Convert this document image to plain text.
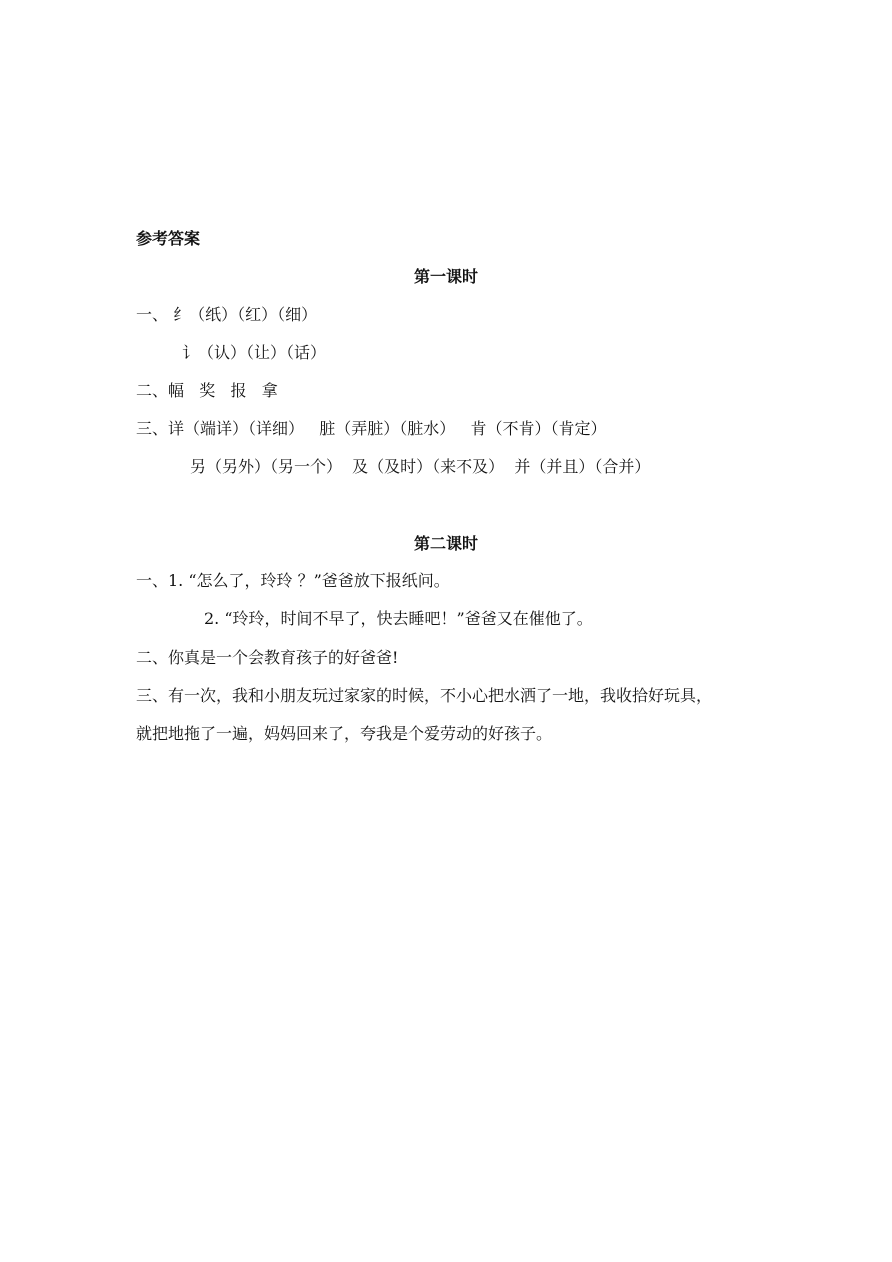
参考答案

第一课时

一、 纟（纸）（红）（细）

讠（认）（让）（话）

二、幅   奖   报   拿

三、详（端详）（详细）   脏（弄脏）（脏水）   肯（不肯）（肯定）

另（另外）（另一个）  及（及时）（来不及）  并（并且）（合并）

第二课时

一、1. “怎么了，玲玲 ？”爸爸放下报纸问。

2. “玲玲，时间不早了，快去睡吧！”爸爸又在催他了。

二、你真是一个会教育孩子的好爸爸!

三、有一次，我和小朋友玩过家家的时候，不小心把水洒了一地，我收拾好玩具，

就把地拖了一遍，妈妈回来了，夸我是个爱劳动的好孩子。
